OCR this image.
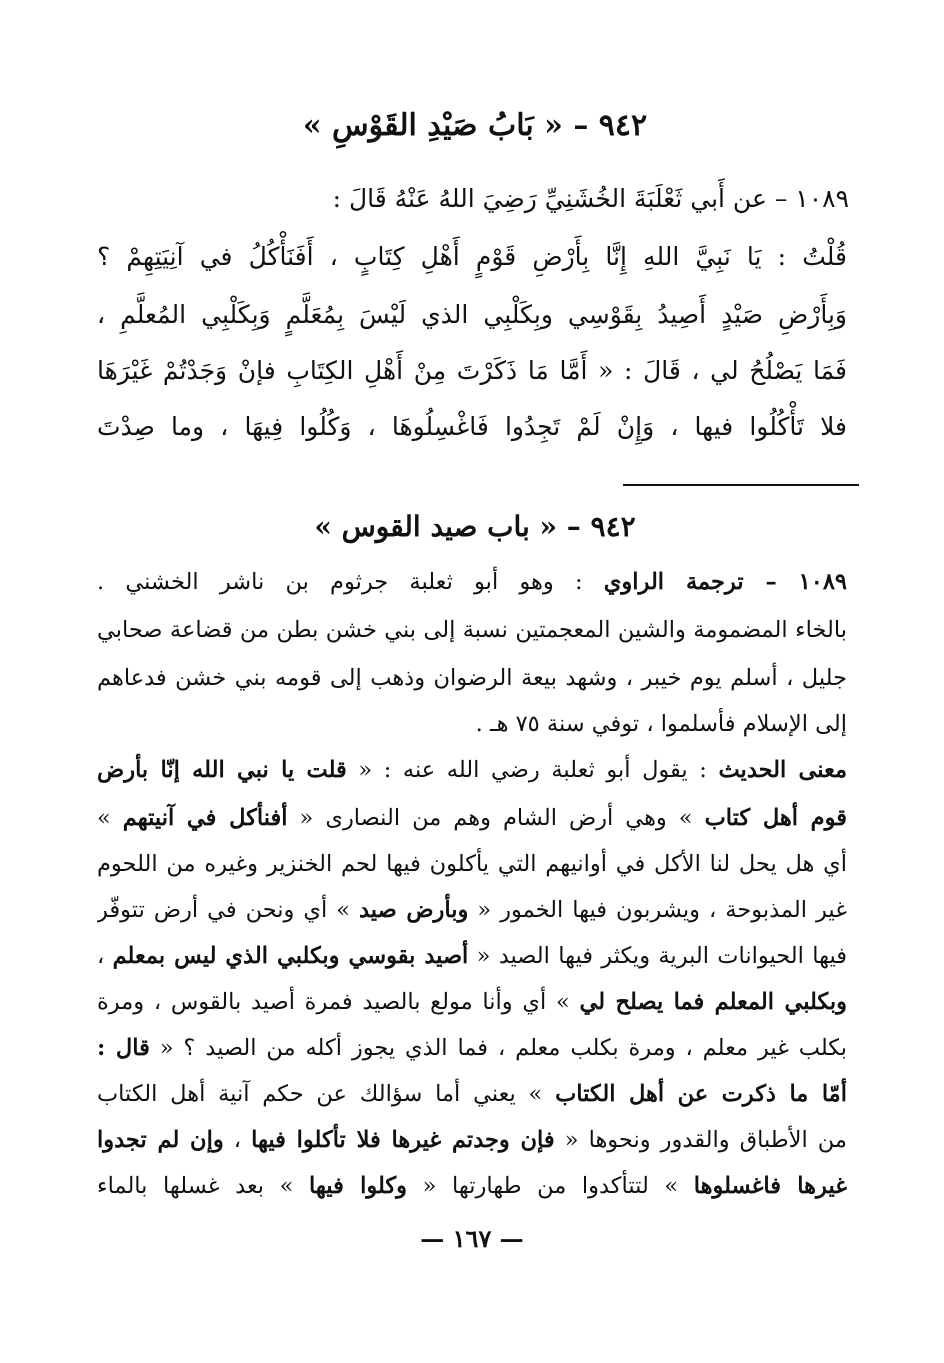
٩٤٢ – « بَابُ صَيْدِ القَوْسِ »
١٠٨٩ – عن أَبي ثَعْلَبَةَ الخُشَنِيِّ رَضِيَ اللهُ عَنْهُ قَالَ :
قُلْتُ : يَا نَبِيَّ اللهِ إِنَّا بِأَرْضِ قَوْمٍ أَهْلِ كِتَابٍ ، أَفَنَأْكُلُ في آنِيَتِهِمْ ؟
وَبِأَرْضِ صَيْدٍ أَصِيدُ بِقَوْسِي وبِكَلْبِي الذي لَيْسَ بِمُعَلَّمٍ وَبِكَلْبِي المُعلَّمِ ،
فَمَا يَصْلُحُ لي ، قَالَ : « أَمَّا مَا ذَكَرْتَ مِنْ أَهْلِ الكِتَابِ فإنْ وَجَدْتُمْ غَيْرَهَا
فلا تَأْكُلُوا فيها ، وَإِنْ لَمْ تَجِدُوا فَاغْسِلُوهَا ، وَكُلُوا فِيهَا ، وما صِدْتَ
٩٤٢ – « باب صيد القوس »
١٠٨٩ – ترجمة الراوي : وهو أبو ثعلبة جرثوم بن ناشر الخشني .
بالخاء المضمومة والشين المعجمتين نسبة إلى بني خشن بطن من قضاعة صحابي
جليل ، أسلم يوم خيبر ، وشهد بيعة الرضوان وذهب إلى قومه بني خشن فدعاهم
إلى الإسلام فأسلموا ، توفي سنة ٧٥ هـ .
معنى الحديث : يقول أبو ثعلبة رضي الله عنه : « قلت يا نبي الله إنّا بأرض
قوم أهل كتاب » وهي أرض الشام وهم من النصارى « أفنأكل في آنيتهم »
أي هل يحل لنا الأكل في أوانيهم التي يأكلون فيها لحم الخنزير وغيره من اللحوم
غير المذبوحة ، ويشربون فيها الخمور « وبأرض صيد » أي ونحن في أرض تتوفّر
فيها الحيوانات البرية ويكثر فيها الصيد « أصيد بقوسي وبكلبي الذي ليس بمعلم ،
وبكلبي المعلم فما يصلح لي » أي وأنا مولع بالصيد فمرة أصيد بالقوس ، ومرة
بكلب غير معلم ، ومرة بكلب معلم ، فما الذي يجوز أكله من الصيد ؟ « قال :
أمّا ما ذكرت عن أهل الكتاب » يعني أما سؤالك عن حكم آنية أهل الكتاب
من الأطباق والقدور ونحوها « فإن وجدتم غيرها فلا تأكلوا فيها ، وإن لم تجدوا
غيرها فاغسلوها » لتتأكدوا من طهارتها « وكلوا فيها » بعد غسلها بالماء
— ١٦٧ —
